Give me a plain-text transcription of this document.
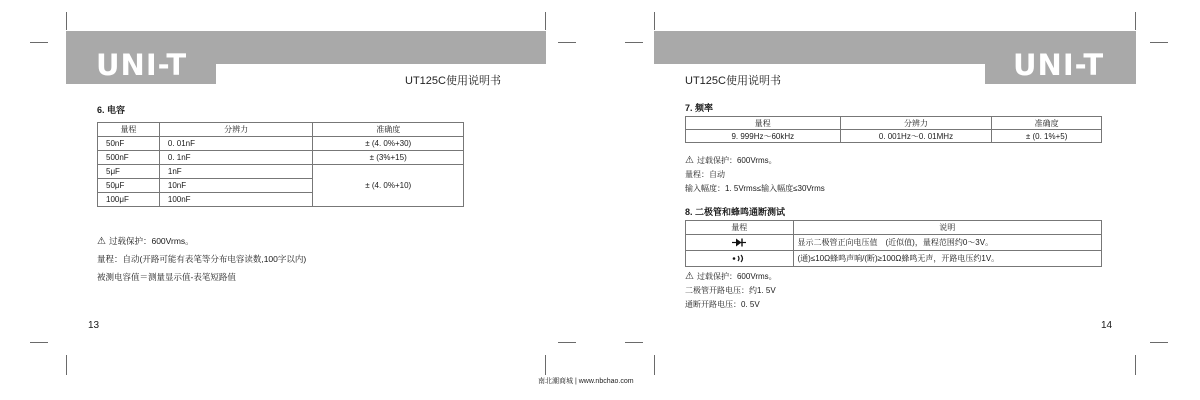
UNI-T	UT125C使用说明书	UNI-T
UT125C使用说明书
6. 电容
量程	分辨力	准确度
50nF	0. 01nF	± (4. 0%+30)
500nF	0. 1nF	± (3%+15)
5μF	1nF	± (4. 0%+10)
50μF	10nF	
100μF	100nF	
⚠ 过载保护：600Vrms。
量程：自动(开路可能有表笔等分布电容读数,100字以内)
被测电容值＝测量显示值-表笔短路值
13
7. 频率
量程	分辨力	准确度
9. 999Hz～60kHz	0. 001Hz～0. 01MHz	± (0. 1%+5)
⚠ 过载保护：600Vrms。
量程：自动
输入幅度：1. 5Vrms≤输入幅度≤30Vrms
8. 二极管和蜂鸣通断测试
量程	说明
	显示二极管正向电压值　(近似值)，量程范围约0～3V。
	(通)≤10Ω蜂鸣声响/(断)≥100Ω蜂鸣无声，开路电压约1V。
⚠ 过载保护：600Vrms。
二极管开路电压：约1. 5V
通断开路电压：0. 5V
14
南北潮商城 | www.nbchao.com
